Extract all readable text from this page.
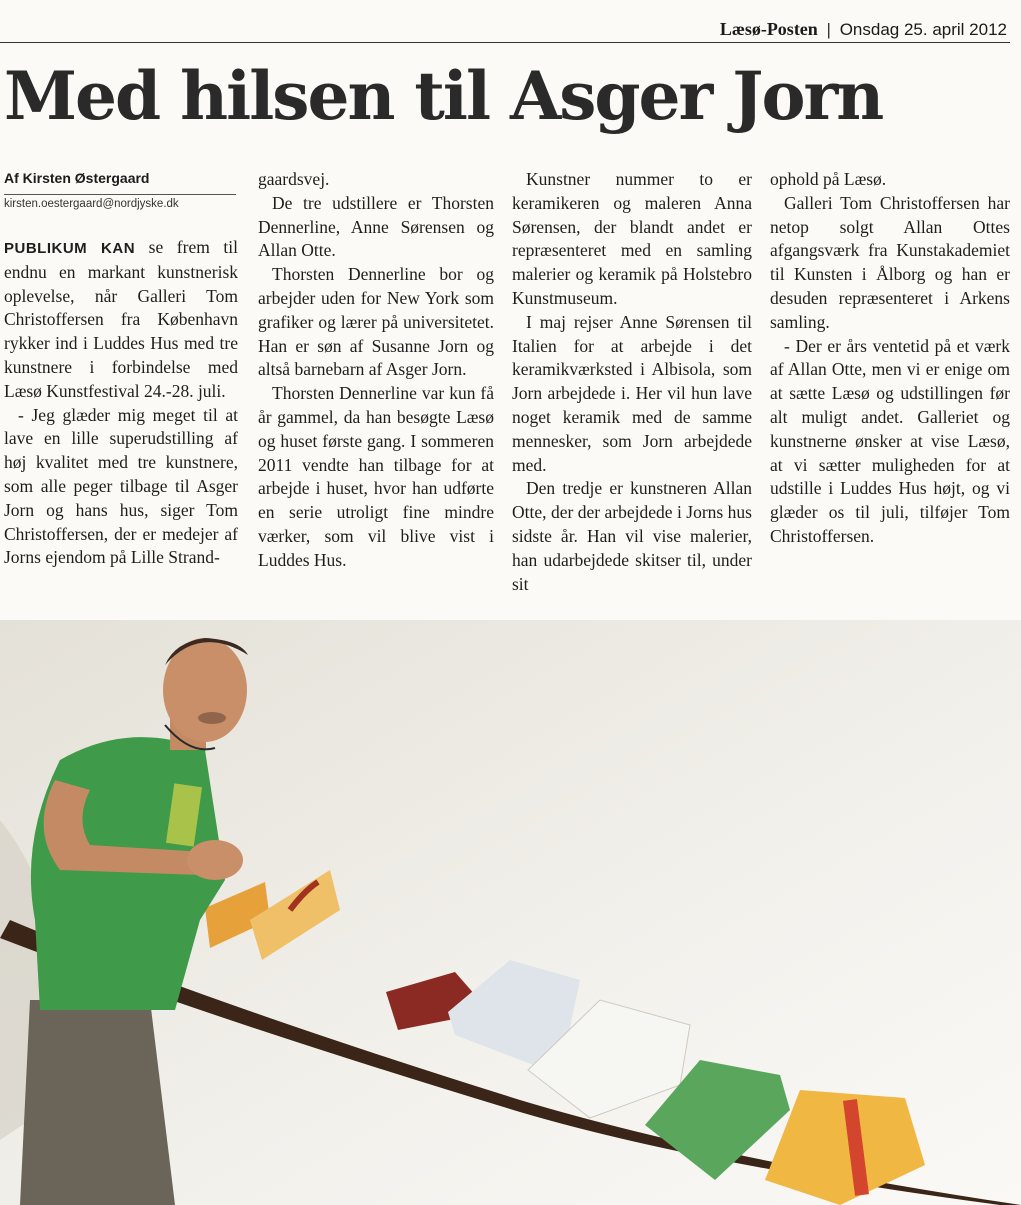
Læsø-Posten | Onsdag 25. april 2012
Med hilsen til Asger Jorn
Af Kirsten Østergaard
kirsten.oestergaard@nordjyske.dk

PUBLIKUM KAN se frem til endnu en markant kunstnerisk oplevelse, når Galleri Tom Christoffersen fra København rykker ind i Luddes Hus med tre kunstnere i forbindelse med Læsø Kunstfestival 24.-28. juli.

- Jeg glæder mig meget til at lave en lille superudstilling af høj kvalitet med tre kunstnere, som alle peger tilbage til Asger Jorn og hans hus, siger Tom Christoffersen, der er medejer af Jorns ejendom på Lille Strand-

gaardsvej.

De tre udstillere er Thorsten Dennerline, Anne Sørensen og Allan Otte.

Thorsten Dennerline bor og arbejder uden for New York som grafiker og lærer på universitetet. Han er søn af Susanne Jorn og altså barnebarn af Asger Jorn.

Thorsten Dennerline var kun få år gammel, da han besøgte Læsø og huset første gang. I sommeren 2011 vendte han tilbage for at arbejde i huset, hvor han udførte en serie utroligt fine mindre værker, som vil blive vist i Luddes Hus.

Kunstner nummer to er keramikeren og maleren Anna Sørensen, der blandt andet er repræsenteret med en samling malerier og keramik på Holstebro Kunstmuseum.

I maj rejser Anne Sørensen til Italien for at arbejde i det keramikværksted i Albisola, som Jorn arbejdede i. Her vil hun lave noget keramik med de samme mennesker, som Jorn arbejdede med.

Den tredje er kunstneren Allan Otte, der der arbejdede i Jorns hus sidste år. Han vil vise malerier, han udarbejdede skitser til, under sit

ophold på Læsø.

Galleri Tom Christoffersen har netop solgt Allan Ottes afgangsværk fra Kunstakademiet til Kunsten i Ålborg og han er desuden repræsenteret i Arkens samling.

- Der er års ventetid på et værk af Allan Otte, men vi er enige om at sætte Læsø og udstillingen før alt muligt andet. Galleriet og kunstnerne ønsker at vise Læsø, at vi sætter muligheden for at udstille i Luddes Hus højt, og vi glæder os til juli, tilføjer Tom Christoffersen.
